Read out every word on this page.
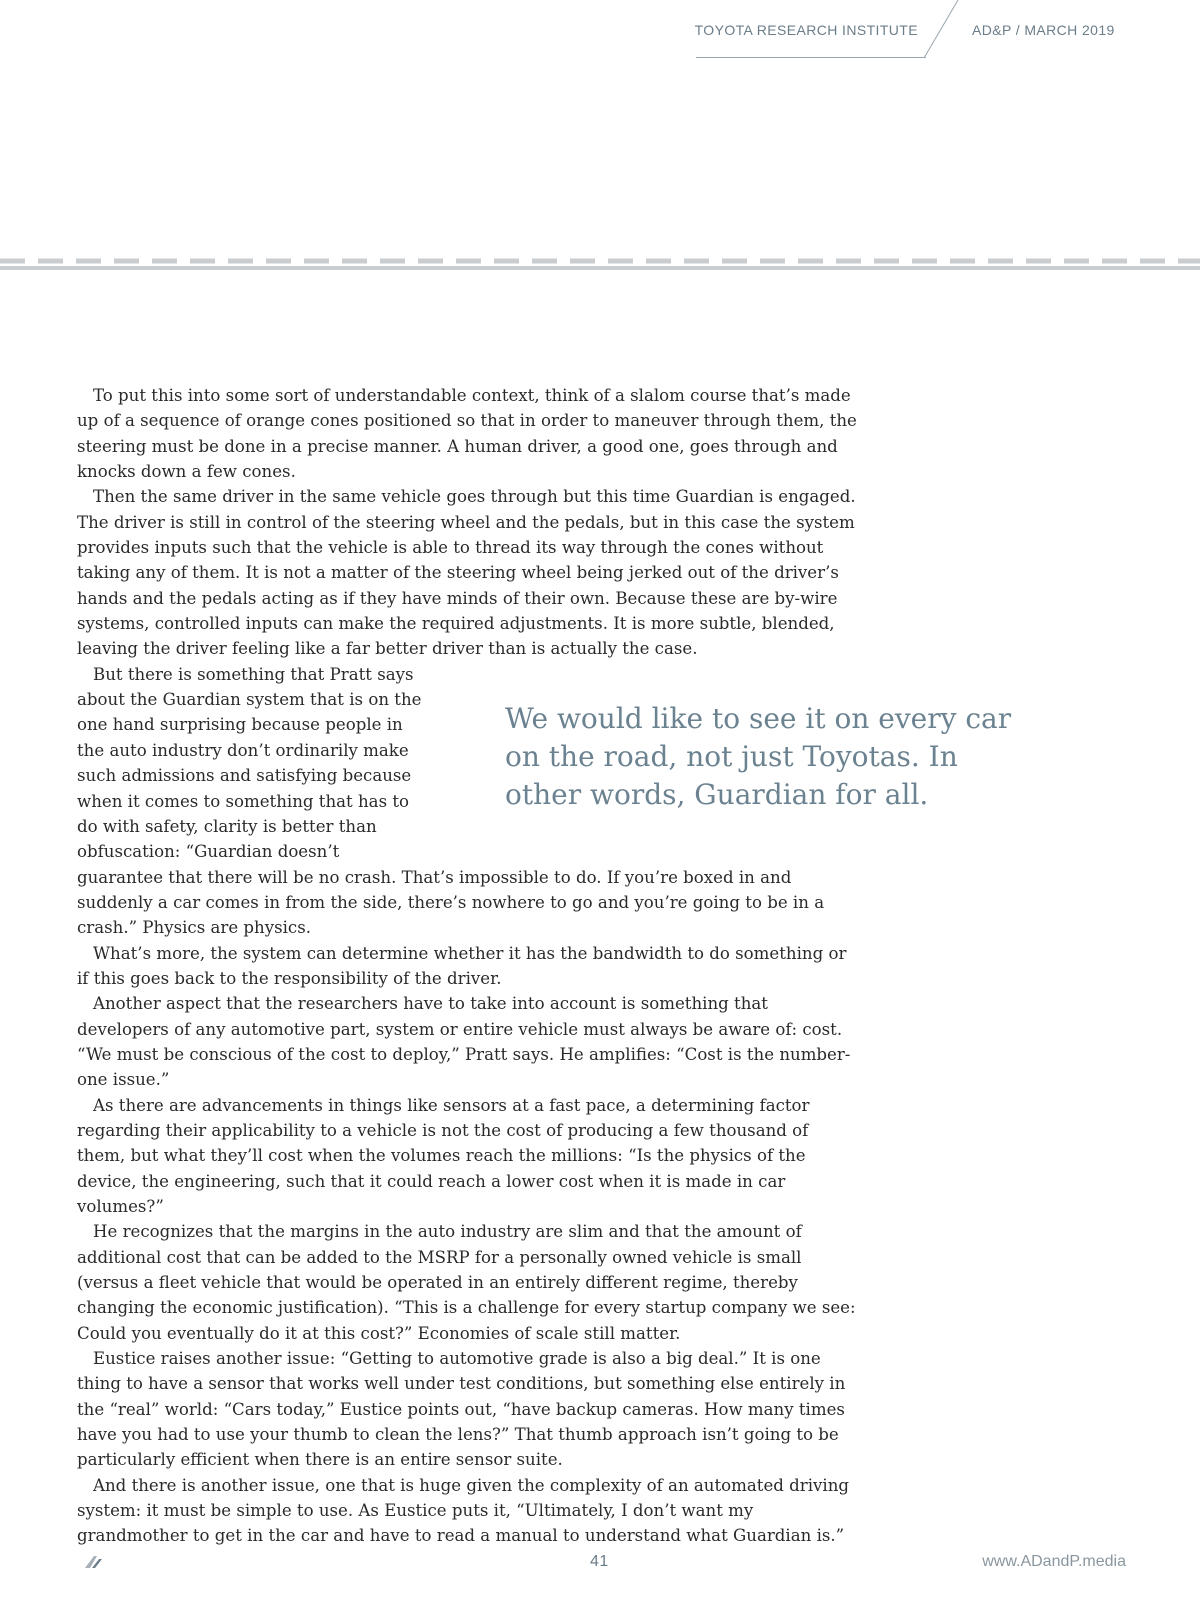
TOYOTA RESEARCH INSTITUTE	AD&P / MARCH 2019

To put this into some sort of understandable context, think of a slalom course that’s made up of a sequence of orange cones positioned so that in order to maneuver through them, the steering must be done in a precise manner. A human driver, a good one, goes through and knocks down a few cones.

Then the same driver in the same vehicle goes through but this time Guardian is engaged. The driver is still in control of the steering wheel and the pedals, but in this case the system provides inputs such that the vehicle is able to thread its way through the cones without taking any of them. It is not a matter of the steering wheel being jerked out of the driver’s hands and the pedals acting as if they have minds of their own. Because these are by-wire systems, controlled inputs can make the required adjustments. It is more subtle, blended, leaving the driver feeling like a far better driver than is actually the case.

But there is something that Pratt says about the Guardian system that is on the one hand surprising because people in the auto industry don’t ordinarily make such admissions and satisfying because when it comes to something that has to do with safety, clarity is better than obfuscation: “Guardian doesn’t guarantee that there will be no crash. That’s impossible to do. If you’re boxed in and suddenly a car comes in from the side, there’s nowhere to go and you’re going to be in a crash.” Physics are physics.

What’s more, the system can determine whether it has the bandwidth to do something or if this goes back to the responsibility of the driver.

Another aspect that the researchers have to take into account is something that developers of any automotive part, system or entire vehicle must always be aware of: cost. “We must be conscious of the cost to deploy,” Pratt says. He amplifies: “Cost is the number-one issue.”

As there are advancements in things like sensors at a fast pace, a determining factor regarding their applicability to a vehicle is not the cost of producing a few thousand of them, but what they’ll cost when the volumes reach the millions: “Is the physics of the device, the engineering, such that it could reach a lower cost when it is made in car volumes?”

He recognizes that the margins in the auto industry are slim and that the amount of additional cost that can be added to the MSRP for a personally owned vehicle is small (versus a fleet vehicle that would be operated in an entirely different regime, thereby changing the economic justification). “This is a challenge for every startup company we see: Could you eventually do it at this cost?” Economies of scale still matter.

Eustice raises another issue: “Getting to automotive grade is also a big deal.” It is one thing to have a sensor that works well under test conditions, but something else entirely in the “real” world: “Cars today,” Eustice points out, “have backup cameras. How many times have you had to use your thumb to clean the lens?” That thumb approach isn’t going to be particularly efficient when there is an entire sensor suite.

And there is another issue, one that is huge given the complexity of an automated driving system: it must be simple to use. As Eustice puts it, “Ultimately, I don’t want my grandmother to get in the car and have to read a manual to understand what Guardian is.”

We would like to see it on every car on the road, not just Toyotas. In other words, Guardian for all.
41	www.ADandP.media
